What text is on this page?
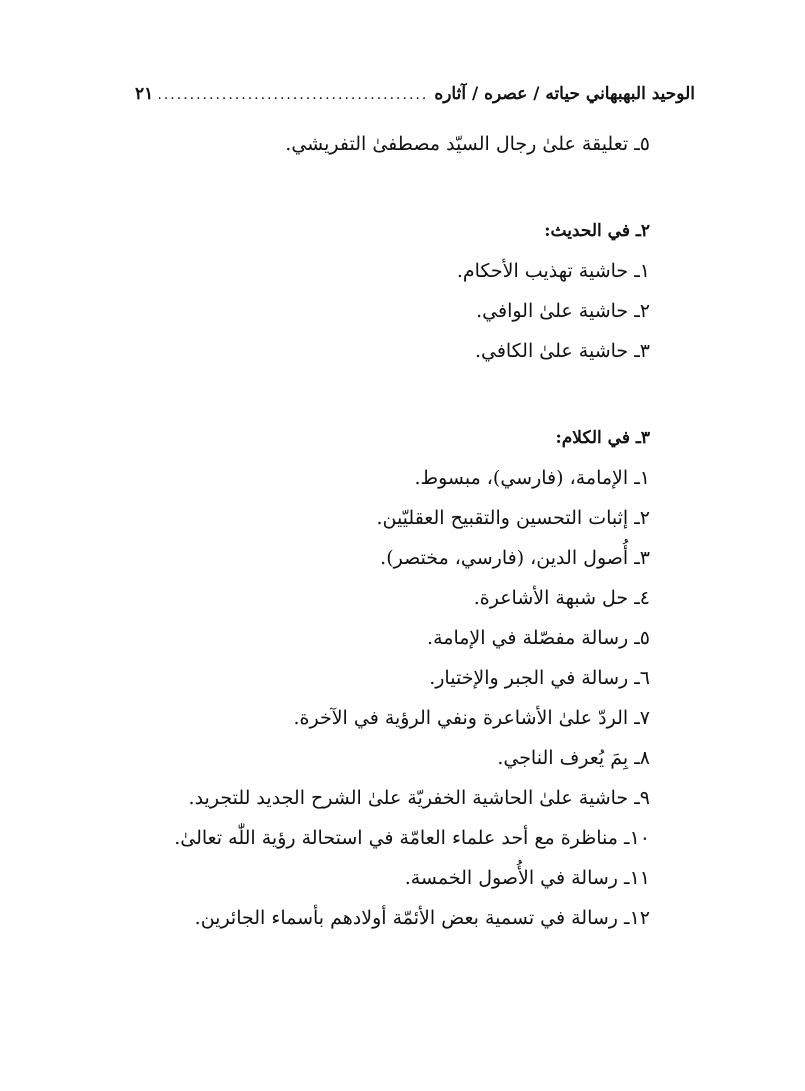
الوحيد البهبهاني حياته / عصره / آثاره
.....
٢١
٥ـ تعليقة علىٰ رجال السيّد مصطفىٰ التفريشي.
٢ـ في الحديث:
١ـ حاشية تهذيب الأحكام.
٢ـ حاشية علىٰ الوافي.
٣ـ حاشية علىٰ الكافي.
٣ـ في الكلام:
١ـ الإمامة، (فارسي)، مبسوط.
٢ـ إثبات التحسين والتقبيح العقليّين.
٣ـ أُصول الدين، (فارسي، مختصر).
٤ـ حل شبهة الأشاعرة.
٥ـ رسالة مفصّلة في الإمامة.
٦ـ رسالة في الجبر والإختيار.
٧ـ الردّ علىٰ الأشاعرة ونفي الرؤية في الآخرة.
٨ـ بِمَ يُعرف الناجي.
٩ـ حاشية علىٰ الحاشية الخفريّة علىٰ الشرح الجديد للتجريد.
١٠ـ مناظرة مع أحد علماء العامّة في استحالة رؤية اللّٰه تعالىٰ.
١١ـ رسالة في الأُصول الخمسة.
١٢ـ رسالة في تسمية بعض الأئمّة أولادهم بأسماء الجائرين.
